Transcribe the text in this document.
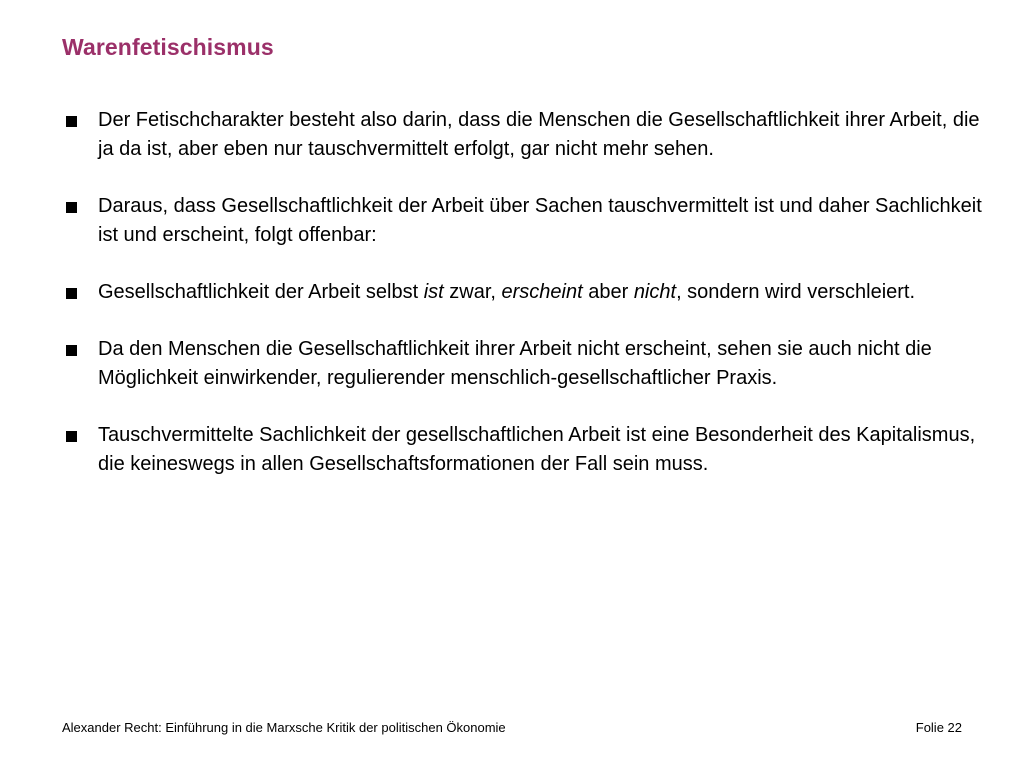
Warenfetischismus
Der Fetischcharakter besteht also darin, dass die Menschen die Gesellschaftlichkeit ihrer Arbeit, die ja da ist, aber eben nur tauschvermittelt erfolgt, gar nicht mehr sehen.
Daraus, dass Gesellschaftlichkeit der Arbeit über Sachen tauschvermittelt ist und daher Sachlichkeit ist und erscheint, folgt offenbar:
Gesellschaftlichkeit der Arbeit selbst ist zwar, erscheint aber nicht, sondern wird verschleiert.
Da den Menschen die Gesellschaftlichkeit ihrer Arbeit nicht erscheint, sehen sie auch nicht die Möglichkeit einwirkender, regulierender menschlich-gesellschaftlicher Praxis.
Tauschvermittelte Sachlichkeit der gesellschaftlichen Arbeit ist eine Besonderheit des Kapitalismus, die keineswegs in allen Gesellschaftsformationen der Fall sein muss.
Alexander Recht: Einführung in die Marxsche Kritik der politischen Ökonomie	Folie 22
